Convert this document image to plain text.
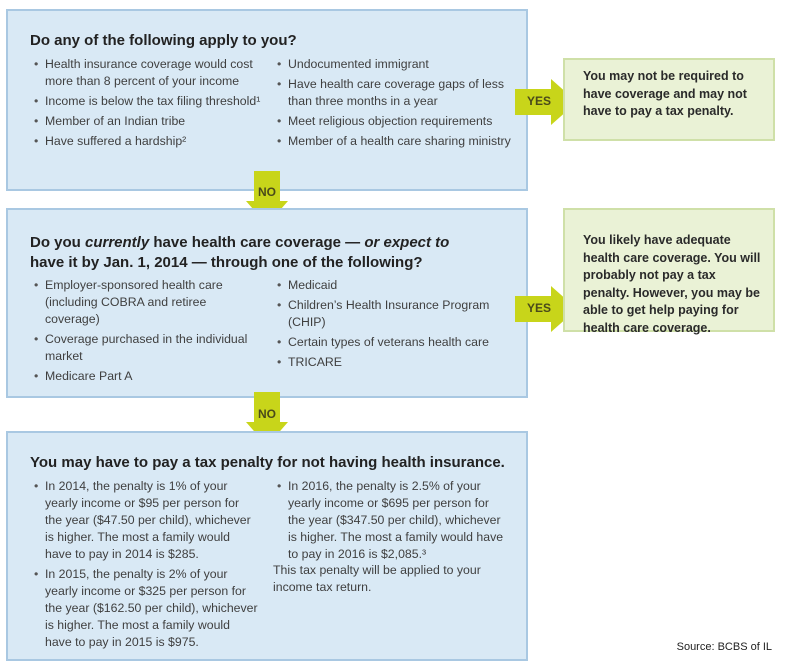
Do any of the following apply to you?
• Health insurance coverage would cost more than 8 percent of your income
• Income is below the tax filing threshold¹
• Member of an Indian tribe
• Have suffered a hardship²
• Undocumented immigrant
• Have health care coverage gaps of less than three months in a year
• Meet religious objection requirements
• Member of a health care sharing ministry
YES
You may not be required to have coverage and may not have to pay a tax penalty.
NO
Do you currently have health care coverage — or expect to have it by Jan. 1, 2014 — through one of the following?
• Employer-sponsored health care (including COBRA and retiree coverage)
• Coverage purchased in the individual market
• Medicare Part A
• Medicaid
• Children’s Health Insurance Program (CHIP)
• Certain types of veterans health care
• TRICARE
YES
You likely have adequate health care coverage. You will probably not pay a tax penalty. However, you may be able to get help paying for health care coverage.
NO
You may have to pay a tax penalty for not having health insurance.
• In 2014, the penalty is 1% of your yearly income or $95 per person for the year ($47.50 per child), whichever is higher. The most a family would have to pay in 2014 is $285.
• In 2015, the penalty is 2% of your yearly income or $325 per person for the year ($162.50 per child), whichever is higher. The most a family would have to pay in 2015 is $975.
• In 2016, the penalty is 2.5% of your yearly income or $695 per person for the year ($347.50 per child), whichever is higher. The most a family would have to pay in 2016 is $2,085.³
This tax penalty will be applied to your income tax return.
Source: BCBS of IL
